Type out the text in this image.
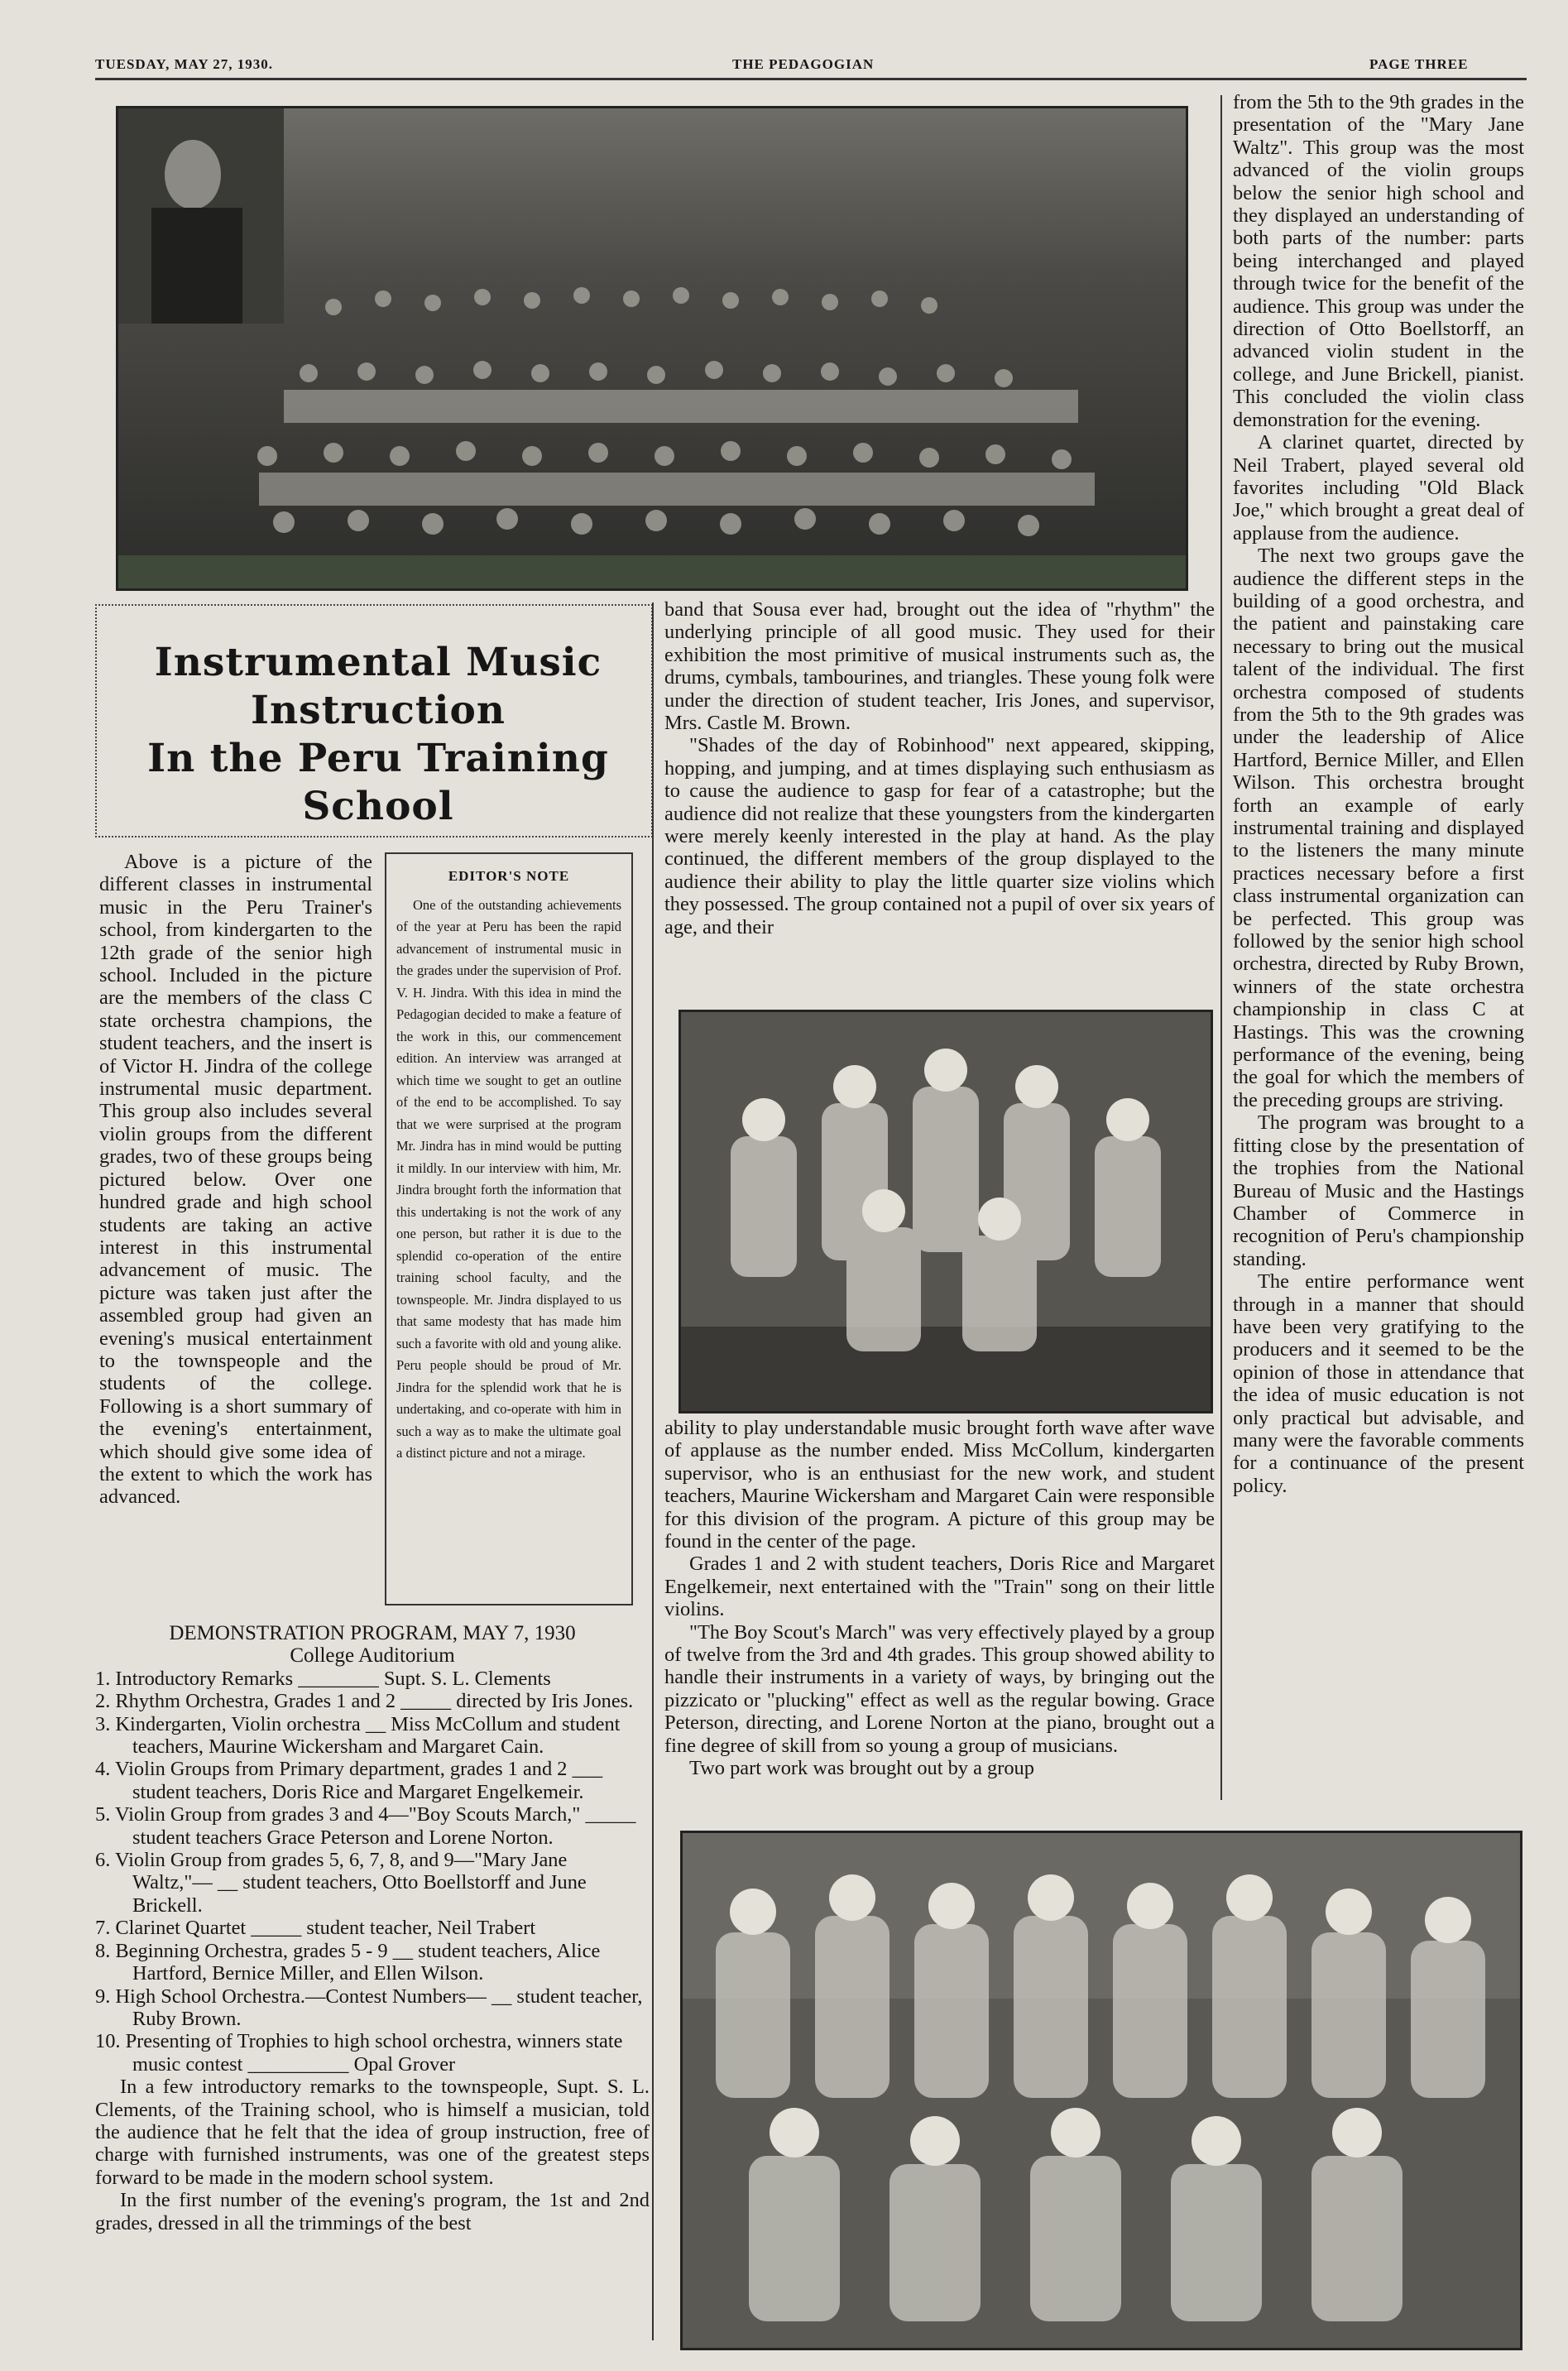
TUESDAY, MAY 27, 1930.	THE PEDAGOGIAN	PAGE THREE
Instrumental Music Instruction
In the Peru Training
School

Above is a picture of the different classes in instrumental music in the Peru Trainer's school, from kindergarten to the 12th grade of the senior high school. Included in the picture are the members of the class C state orchestra champions, the student teachers, and the insert is of Victor H. Jindra of the college instrumental music department. This group also includes several violin groups from the different grades, two of these groups being pictured below. Over one hundred grade and high school students are taking an active interest in this instrumental advancement of music. The picture was taken just after the assembled group had given an evening's musical entertainment to the townspeople and the students of the college. Following is a short summary of the evening's entertainment, which should give some idea of the extent to which the work has advanced.

EDITOR'S NOTE

One of the outstanding achievements of the year at Peru has been the rapid advancement of instrumental music in the grades under the supervision of Prof. V. H. Jindra. With this idea in mind the Pedagogian decided to make a feature of the work in this, our commencement edition. An interview was arranged at which time we sought to get an outline of the end to be accomplished. To say that we were surprised at the program Mr. Jindra has in mind would be putting it mildly. In our interview with him, Mr. Jindra brought forth the information that this undertaking is not the work of any one person, but rather it is due to the splendid co-operation of the entire training school faculty, and the townspeople. Mr. Jindra displayed to us that same modesty that has made him such a favorite with old and young alike. Peru people should be proud of Mr. Jindra for the splendid work that he is undertaking, and co-operate with him in such a way as to make the ultimate goal a distinct picture and not a mirage.

DEMONSTRATION PROGRAM, MAY 7, 1930
College Auditorium
1. Introductory Remarks ________ Supt. S. L. Clements
2. Rhythm Orchestra, Grades 1 and 2 _____ directed by Iris Jones.
3. Kindergarten, Violin orchestra __ Miss McCollum and student teachers, Maurine Wickersham and Margaret Cain.
4. Violin Groups from Primary department, grades 1 and 2 ___ student teachers, Doris Rice and Margaret Engelkemeir.
5. Violin Group from grades 3 and 4—"Boy Scouts March," _____ student teachers Grace Peterson and Lorene Norton.
6. Violin Group from grades 5, 6, 7, 8, and 9—"Mary Jane Waltz,"— __ student teachers, Otto Boellstorff and June Brickell.
7. Clarinet Quartet _____ student teacher, Neil Trabert
8. Beginning Orchestra, grades 5 - 9 __ student teachers, Alice Hartford, Bernice Miller, and Ellen Wilson.
9. High School Orchestra.—Contest Numbers— __ student teacher, Ruby Brown.
10. Presenting of Trophies to high school orchestra, winners state music contest __________ Opal Grover

In a few introductory remarks to the townspeople, Supt. S. L. Clements, of the Training school, who is himself a musician, told the audience that he felt that the idea of group instruction, free of charge with furnished instruments, was one of the greatest steps forward to be made in the modern school system.

In the first number of the evening's program, the 1st and 2nd grades, dressed in all the trimmings of the best

band that Sousa ever had, brought out the idea of "rhythm" the underlying principle of all good music. They used for their exhibition the most primitive of musical instruments such as, the drums, cymbals, tambourines, and triangles. These young folk were under the direction of student teacher, Iris Jones, and supervisor, Mrs. Castle M. Brown.

"Shades of the day of Robinhood" next appeared, skipping, hopping, and jumping, and at times displaying such enthusiasm as to cause the audience to gasp for fear of a catastrophe; but the audience did not realize that these youngsters from the kindergarten were merely keenly interested in the play at hand. As the play continued, the different members of the group displayed to the audience their ability to play the little quarter size violins which they possessed. The group contained not a pupil of over six years of age, and their

ability to play understandable music brought forth wave after wave of applause as the number ended. Miss McCollum, kindergarten supervisor, who is an enthusiast for the new work, and student teachers, Maurine Wickersham and Margaret Cain were responsible for this division of the program. A picture of this group may be found in the center of the page.

Grades 1 and 2 with student teachers, Doris Rice and Margaret Engelkemeir, next entertained with the "Train" song on their little violins.

"The Boy Scout's March" was very effectively played by a group of twelve from the 3rd and 4th grades. This group showed ability to handle their instruments in a variety of ways, by bringing out the pizzicato or "plucking" effect as well as the regular bowing. Grace Peterson, directing, and Lorene Norton at the piano, brought out a fine degree of skill from so young a group of musicians.

Two part work was brought out by a group

from the 5th to the 9th grades in the presentation of the "Mary Jane Waltz". This group was the most advanced of the violin groups below the senior high school and they displayed an understanding of both parts of the number: parts being interchanged and played through twice for the benefit of the audience. This group was under the direction of Otto Boellstorff, an advanced violin student in the college, and June Brickell, pianist. This concluded the violin class demonstration for the evening.

A clarinet quartet, directed by Neil Trabert, played several old favorites including "Old Black Joe," which brought a great deal of applause from the audience.

The next two groups gave the audience the different steps in the building of a good orchestra, and the patient and painstaking care necessary to bring out the musical talent of the individual. The first orchestra composed of students from the 5th to the 9th grades was under the leadership of Alice Hartford, Bernice Miller, and Ellen Wilson. This orchestra brought forth an example of early instrumental training and displayed to the listeners the many minute practices necessary before a first class instrumental organization can be perfected. This group was followed by the senior high school orchestra, directed by Ruby Brown, winners of the state orchestra championship in class C at Hastings. This was the crowning performance of the evening, being the goal for which the members of the preceding groups are striving.

The program was brought to a fitting close by the presentation of the trophies from the National Bureau of Music and the Hastings Chamber of Commerce in recognition of Peru's championship standing.

The entire performance went through in a manner that should have been very gratifying to the producers and it seemed to be the opinion of those in attendance that the idea of music education is not only practical but advisable, and many were the favorable comments for a continuance of the present policy.
